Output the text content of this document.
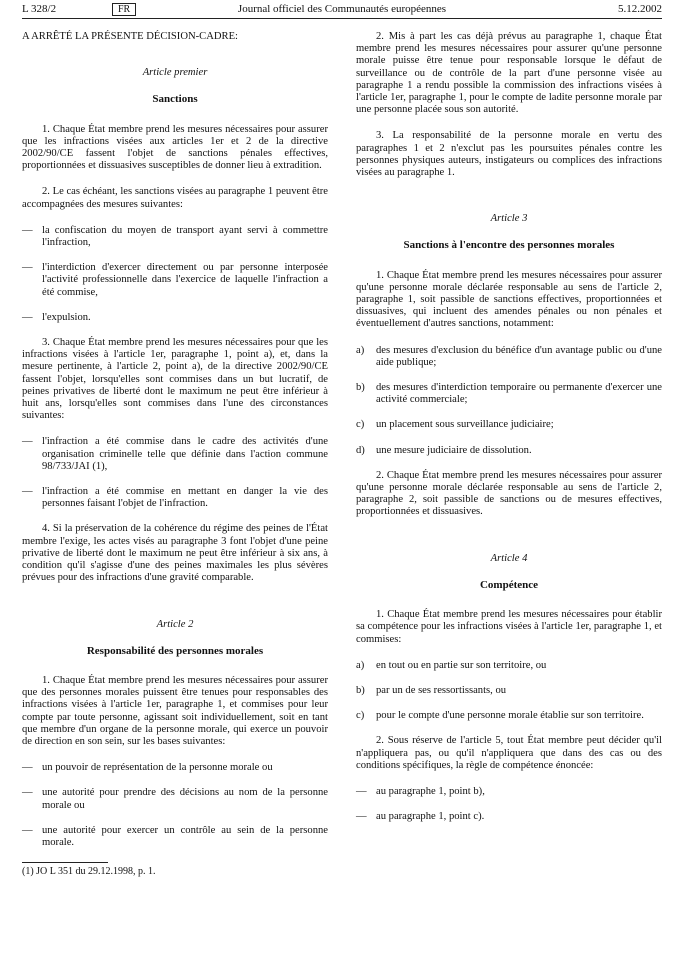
L 328/2	FR	Journal officiel des Communautés européennes	5.12.2002

A ARRÊTÉ LA PRÉSENTE DÉCISION-CADRE:

Article premier

Sanctions

1. Chaque État membre prend les mesures nécessaires pour assurer que les infractions visées aux articles 1er et 2 de la directive 2002/90/CE fassent l'objet de sanctions pénales effectives, proportionnées et dissuasives susceptibles de donner lieu à extradition.

2. Le cas échéant, les sanctions visées au paragraphe 1 peuvent être accompagnées des mesures suivantes:

— la confiscation du moyen de transport ayant servi à commettre l'infraction,

— l'interdiction d'exercer directement ou par personne interposée l'activité professionnelle dans l'exercice de laquelle l'infraction a été commise,

— l'expulsion.

3. Chaque État membre prend les mesures nécessaires pour que les infractions visées à l'article 1er, paragraphe 1, point a), et, dans la mesure pertinente, à l'article 2, point a), de la directive 2002/90/CE fassent l'objet, lorsqu'elles sont commises dans un but lucratif, de peines privatives de liberté dont le maximum ne peut être inférieur à huit ans, lorsqu'elles sont commises dans l'une des circonstances suivantes:

— l'infraction a été commise dans le cadre des activités d'une organisation criminelle telle que définie dans l'action commune 98/733/JAI (1),

— l'infraction a été commise en mettant en danger la vie des personnes faisant l'objet de l'infraction.

4. Si la préservation de la cohérence du régime des peines de l'État membre l'exige, les actes visés au paragraphe 3 font l'objet d'une peine privative de liberté dont le maximum ne peut être inférieur à six ans, à condition qu'il s'agisse d'une des peines maximales les plus sévères prévues pour des infractions d'une gravité comparable.

Article 2

Responsabilité des personnes morales

1. Chaque État membre prend les mesures nécessaires pour assurer que des personnes morales puissent être tenues pour responsables des infractions visées à l'article 1er, paragraphe 1, et commises pour leur compte par toute personne, agissant soit individuellement, soit en tant que membre d'un organe de la personne morale, qui exerce un pouvoir de direction en son sein, sur les bases suivantes:

— un pouvoir de représentation de la personne morale ou

— une autorité pour prendre des décisions au nom de la personne morale ou

— une autorité pour exercer un contrôle au sein de la personne morale.

(1) JO L 351 du 29.12.1998, p. 1.

2. Mis à part les cas déjà prévus au paragraphe 1, chaque État membre prend les mesures nécessaires pour assurer qu'une personne morale puisse être tenue pour responsable lorsque le défaut de surveillance ou de contrôle de la part d'une personne visée au paragraphe 1 a rendu possible la commission des infractions visées à l'article 1er, paragraphe 1, pour le compte de ladite personne morale par une personne placée sous son autorité.

3. La responsabilité de la personne morale en vertu des paragraphes 1 et 2 n'exclut pas les poursuites pénales contre les personnes physiques auteurs, instigateurs ou complices des infractions visées au paragraphe 1.

Article 3

Sanctions à l'encontre des personnes morales

1. Chaque État membre prend les mesures nécessaires pour assurer qu'une personne morale déclarée responsable au sens de l'article 2, paragraphe 1, soit passible de sanctions effectives, proportionnées et dissuasives, qui incluent des amendes pénales ou non pénales et éventuellement d'autres sanctions, notamment:

a) des mesures d'exclusion du bénéfice d'un avantage public ou d'une aide publique;

b) des mesures d'interdiction temporaire ou permanente d'exercer une activité commerciale;

c) un placement sous surveillance judiciaire;

d) une mesure judiciaire de dissolution.

2. Chaque État membre prend les mesures nécessaires pour assurer qu'une personne morale déclarée responsable au sens de l'article 2, paragraphe 2, soit passible de sanctions ou de mesures effectives, proportionnées et dissuasives.

Article 4

Compétence

1. Chaque État membre prend les mesures nécessaires pour établir sa compétence pour les infractions visées à l'article 1er, paragraphe 1, et commises:

a) en tout ou en partie sur son territoire, ou

b) par un de ses ressortissants, ou

c) pour le compte d'une personne morale établie sur son territoire.

2. Sous réserve de l'article 5, tout État membre peut décider qu'il n'appliquera pas, ou qu'il n'appliquera que dans des cas ou des conditions spécifiques, la règle de compétence énoncée:

— au paragraphe 1, point b),

— au paragraphe 1, point c).
